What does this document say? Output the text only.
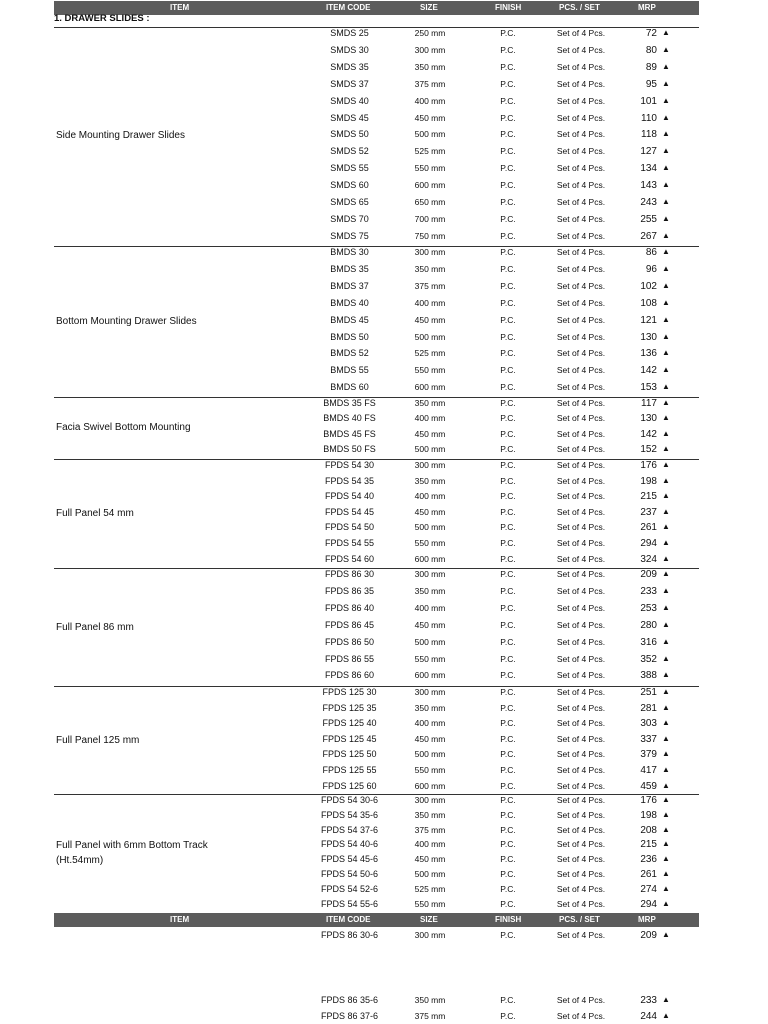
ITEM	ITEM CODE	SIZE	FINISH	PCS. / SET	MRP
1. DRAWER SLIDES :
Side Mounting Drawer Slides
SMDS 25	250 mm	P.C.	Set of 4 Pcs.	72 ▲
SMDS 30	300 mm	P.C.	Set of 4 Pcs.	80 ▲
SMDS 35	350 mm	P.C.	Set of 4 Pcs.	89 ▲
SMDS 37	375 mm	P.C.	Set of 4 Pcs.	95 ▲
SMDS 40	400 mm	P.C.	Set of 4 Pcs.	101 ▲
SMDS 45	450 mm	P.C.	Set of 4 Pcs.	110 ▲
SMDS 50	500 mm	P.C.	Set of 4 Pcs.	118 ▲
SMDS 52	525 mm	P.C.	Set of 4 Pcs.	127 ▲
SMDS 55	550 mm	P.C.	Set of 4 Pcs.	134 ▲
SMDS 60	600 mm	P.C.	Set of 4 Pcs.	143 ▲
SMDS 65	650 mm	P.C.	Set of 4 Pcs.	243 ▲
SMDS 70	700 mm	P.C.	Set of 4 Pcs.	255 ▲
SMDS 75	750 mm	P.C.	Set of 4 Pcs.	267 ▲
Bottom Mounting Drawer Slides
BMDS 30	300 mm	P.C.	Set of 4 Pcs.	86 ▲
BMDS 35	350 mm	P.C.	Set of 4 Pcs.	96 ▲
BMDS 37	375 mm	P.C.	Set of 4 Pcs.	102 ▲
BMDS 40	400 mm	P.C.	Set of 4 Pcs.	108 ▲
BMDS 45	450 mm	P.C.	Set of 4 Pcs.	121 ▲
BMDS 50	500 mm	P.C.	Set of 4 Pcs.	130 ▲
BMDS 52	525 mm	P.C.	Set of 4 Pcs.	136 ▲
BMDS 55	550 mm	P.C.	Set of 4 Pcs.	142 ▲
BMDS 60	600 mm	P.C.	Set of 4 Pcs.	153 ▲
Facia Swivel Bottom Mounting
BMDS 35 FS	350 mm	P.C.	Set of 4 Pcs.	117 ▲
BMDS 40 FS	400 mm	P.C.	Set of 4 Pcs.	130 ▲
BMDS 45 FS	450 mm	P.C.	Set of 4 Pcs.	142 ▲
BMDS 50 FS	500 mm	P.C.	Set of 4 Pcs.	152 ▲
Full Panel 54 mm
FPDS 54 30	300 mm	P.C.	Set of 4 Pcs.	176 ▲
FPDS 54 35	350 mm	P.C.	Set of 4 Pcs.	198 ▲
FPDS 54 40	400 mm	P.C.	Set of 4 Pcs.	215 ▲
FPDS 54 45	450 mm	P.C.	Set of 4 Pcs.	237 ▲
FPDS 54 50	500 mm	P.C.	Set of 4 Pcs.	261 ▲
FPDS 54 55	550 mm	P.C.	Set of 4 Pcs.	294 ▲
FPDS 54 60	600 mm	P.C.	Set of 4 Pcs.	324 ▲
Full Panel 86 mm
FPDS 86 30	300 mm	P.C.	Set of 4 Pcs.	209 ▲
FPDS 86 35	350 mm	P.C.	Set of 4 Pcs.	233 ▲
FPDS 86 40	400 mm	P.C.	Set of 4 Pcs.	253 ▲
FPDS 86 45	450 mm	P.C.	Set of 4 Pcs.	280 ▲
FPDS 86 50	500 mm	P.C.	Set of 4 Pcs.	316 ▲
FPDS 86 55	550 mm	P.C.	Set of 4 Pcs.	352 ▲
FPDS 86 60	600 mm	P.C.	Set of 4 Pcs.	388 ▲
Full Panel 125 mm
FPDS 125 30	300 mm	P.C.	Set of 4 Pcs.	251 ▲
FPDS 125 35	350 mm	P.C.	Set of 4 Pcs.	281 ▲
FPDS 125 40	400 mm	P.C.	Set of 4 Pcs.	303 ▲
FPDS 125 45	450 mm	P.C.	Set of 4 Pcs.	337 ▲
FPDS 125 50	500 mm	P.C.	Set of 4 Pcs.	379 ▲
FPDS 125 55	550 mm	P.C.	Set of 4 Pcs.	417 ▲
FPDS 125 60	600 mm	P.C.	Set of 4 Pcs.	459 ▲
Full Panel with 6mm Bottom Track
(Ht.54mm)
FPDS 54 30-6	300 mm	P.C.	Set of 4 Pcs.	176 ▲
FPDS 54 35-6	350 mm	P.C.	Set of 4 Pcs.	198 ▲
FPDS 54 37-6	375 mm	P.C.	Set of 4 Pcs.	208 ▲
FPDS 54 40-6	400 mm	P.C.	Set of 4 Pcs.	215 ▲
FPDS 54 45-6	450 mm	P.C.	Set of 4 Pcs.	236 ▲
FPDS 54 50-6	500 mm	P.C.	Set of 4 Pcs.	261 ▲
FPDS 54 52-6	525 mm	P.C.	Set of 4 Pcs.	274 ▲
FPDS 54 55-6	550 mm	P.C.	Set of 4 Pcs.	294 ▲
ITEM	ITEM CODE	SIZE	FINISH	PCS. / SET	MRP
FPDS 86 30-6	300 mm	P.C.	Set of 4 Pcs.	209 ▲
FPDS 86 35-6	350 mm	P.C.	Set of 4 Pcs.	233 ▲
FPDS 86 37-6	375 mm	P.C.	Set of 4 Pcs.	244 ▲
